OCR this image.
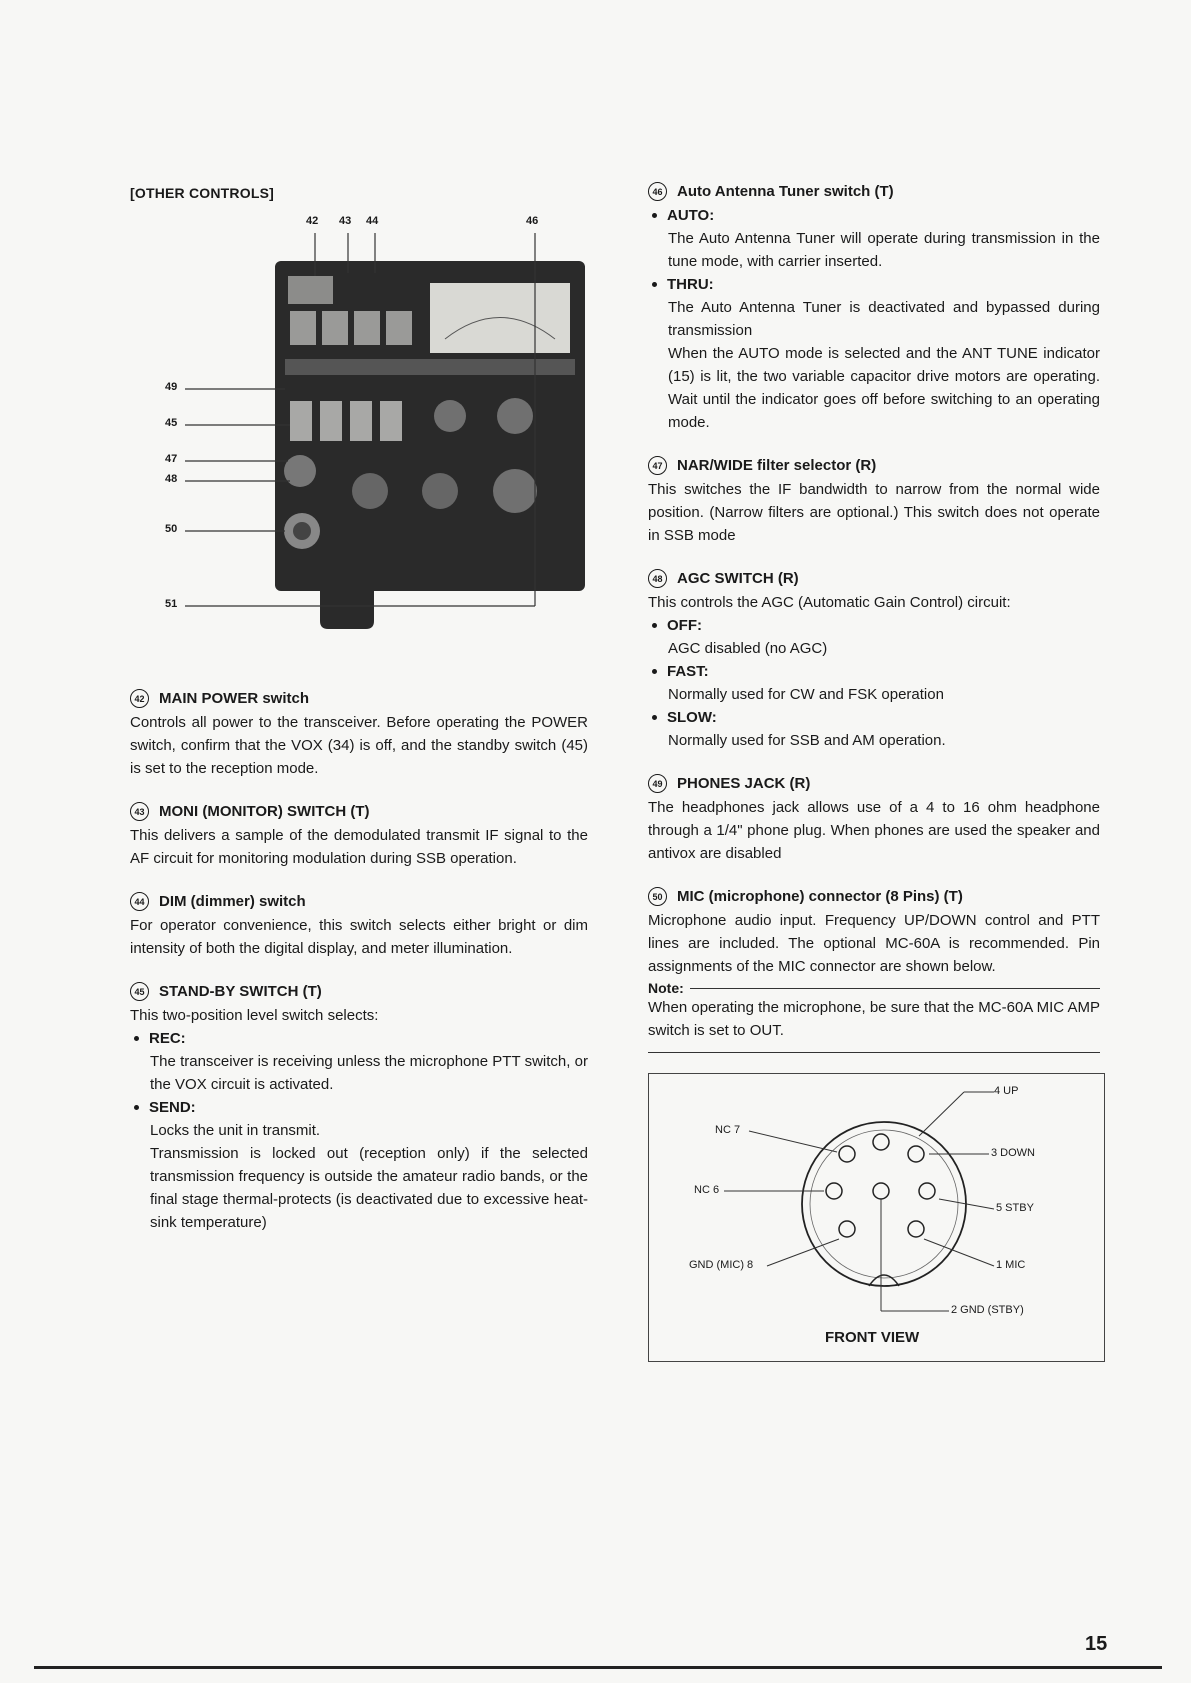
[OTHER CONTROLS]
42 43 44	46
49
45
47
48
50
51
42 MAIN POWER switch

Controls all power to the transceiver. Before operating the POWER switch, confirm that the VOX (34) is off, and the standby switch (45) is set to the reception mode.

43 MONI (MONITOR) SWITCH (T)

This delivers a sample of the demodulated transmit IF signal to the AF circuit for monitoring modulation during SSB operation.

44 DIM (dimmer) switch

For operator convenience, this switch selects either bright or dim intensity of both the digital display, and meter illumination.

45 STAND-BY SWITCH (T)

This two-position level switch selects:

REC:

The transceiver is receiving unless the microphone PTT switch, or the VOX circuit is activated.

SEND:

Locks the unit in transmit.

Transmission is locked out (reception only) if the selected transmission frequency is outside the amateur radio bands, or the final stage thermal-protects (is deactivated due to excessive heat-sink temperature)

46 Auto Antenna Tuner switch (T)
AUTO:

The Auto Antenna Tuner will operate during transmission in the tune mode, with carrier inserted.

THRU:

The Auto Antenna Tuner is deactivated and bypassed during transmission

When the AUTO mode is selected and the ANT TUNE indicator (15) is lit, the two variable capacitor drive motors are operating. Wait until the indicator goes off before switching to an operating mode.

47 NAR/WIDE filter selector (R)

This switches the IF bandwidth to narrow from the normal wide position. (Narrow filters are optional.) This switch does not operate in SSB mode

48 AGC SWITCH (R)

This controls the AGC (Automatic Gain Control) circuit:

OFF:

AGC disabled (no AGC)

FAST:

Normally used for CW and FSK operation

SLOW:

Normally used for SSB and AM operation.

49 PHONES JACK (R)

The headphones jack allows use of a 4 to 16 ohm headphone through a 1/4" phone plug. When phones are used the speaker and antivox are disabled

50 MIC (microphone) connector (8 Pins) (T)

Microphone audio input. Frequency UP/DOWN control and PTT lines are included. The optional MC-60A is recommended. Pin assignments of the MIC connector are shown below.

Note:

When operating the microphone, be sure that the MC-60A MIC AMP switch is set to OUT.

4 UP
3 DOWN
5 STBY
1 MIC
2 GND (STBY)
GND (MIC) 8
NC 7
NC 6
FRONT VIEW
15
